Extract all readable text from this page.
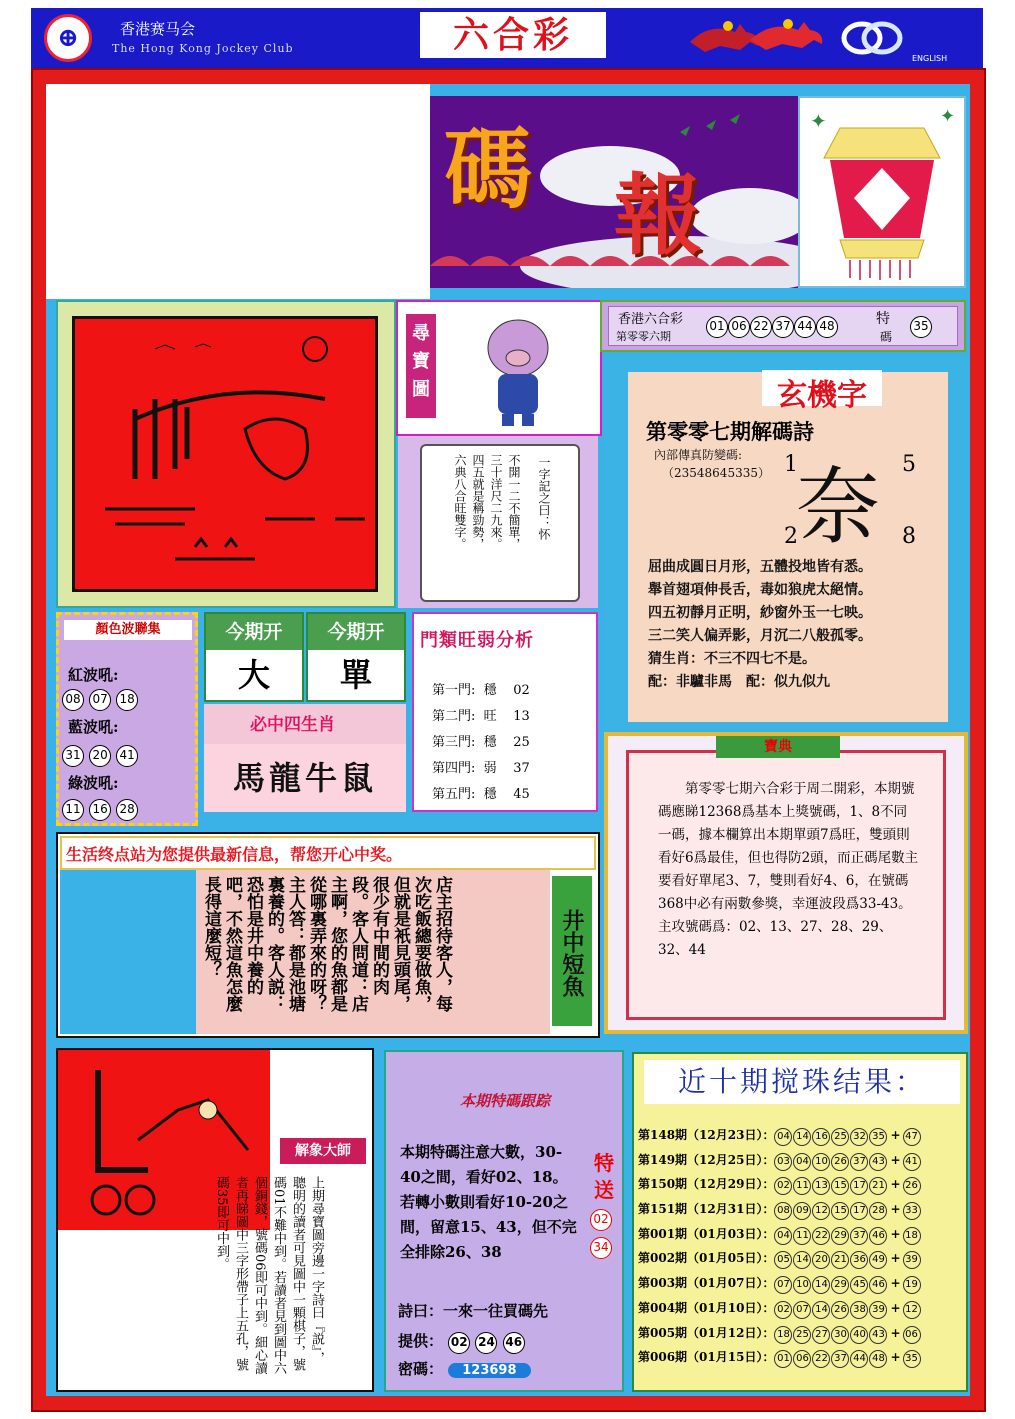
⊕	香港赛马会
The Hong Kong Jockey Club	六合彩
ENGLISH
碼 報
✦	✦
尋寶圖
一字記之曰：怀
不開一二不簡單，
三十洋尺二九來。
四五就是稱勁勢，
六典八合旺雙字。
香港六合彩
第零零六期
01 06 22 37 44 48	特
碼
35
玄機字
第零零七期解碼詩
內部傳真防變碼:
（23548645335） 奈
1	5
2	8
屈曲成圓日月形，五體投地皆有悉。
舉首翅項伸長舌，毒如狼虎太絕情。
四五初靜月正明，紗窗外玉一七映。
三二笑人偏弄影，月沉二八般孤零。
猜生肖：不三不四七不是。
配：非驢非馬　配：似九似九
顏色波聯集
紅波吼:
08 07 18
藍波吼:
31 20 41
綠波吼:
11 16 28
今期开
大
今期开
單
必中四生肖
馬龍牛鼠
門類旺弱分析
第一門: 穩 02
第二門: 旺 13
第三門: 穩 25
第四門: 弱 37
第五門: 穩 45
寶典
第零零七期六合彩于周二開彩，本期號碼應睇12368爲基本上獎號碼，1、8不同一碼，據本欄算出本期單頭7爲旺，雙頭則看好6爲最佳，但也得防2頭，而正碼尾數主要看好單尾3、7，雙則看好4、6，在號碼368中必有兩數參獎，幸運波段爲33-43。主攻號碼爲：02、13、27、28、29、32、44
生活终点站为您提供最新信息，帮您开心中奖。
店主招待客人，每次吃飯總要做魚，但就是衹見頭尾，很少有中間的肉段。客人問道：店主啊，您的魚都是從哪裏弄來的呀？主人答：都是池塘裏養的。客人説：恐怕是井中養的吧，不然這魚怎麼長得這麼短？	井中短魚
解象大師
上期尋寶圖旁邊一字詩曰『説』，聰明的讀者可見圖中一顆棋子，號碼01不難中到。若讀者見到圖中六個銅錢，號碼06即可中到。細心讀者再睇圖中三字形帶子上五孔，號碼35即可中到。
本期特碼跟踪
本期特碼注意大數，30-40之間，看好02、18。若轉小數則看好10-20之間，留意15、43，但不完全排除26、38
特
送
02
34
詩曰：一來一往買碼先
提供： 02 24 46
密碼： 123698
近十期搅珠结果：
第148期（12月23日）： 04 14 16 25 32 35 + 47
第149期（12月25日）： 03 04 10 26 37 43 + 41
第150期（12月29日）： 02 11 13 15 17 21 + 26
第151期（12月31日）： 08 09 12 15 17 28 + 33
第001期（01月03日）： 04 11 22 29 37 46 + 18
第002期（01月05日）： 05 14 20 21 36 49 + 39
第003期（01月07日）： 07 10 14 29 45 46 + 19
第004期（01月10日）： 02 07 14 26 38 39 + 12
第005期（01月12日）： 18 25 27 30 40 43 + 06
第006期（01月15日）： 01 06 22 37 44 48 + 35
